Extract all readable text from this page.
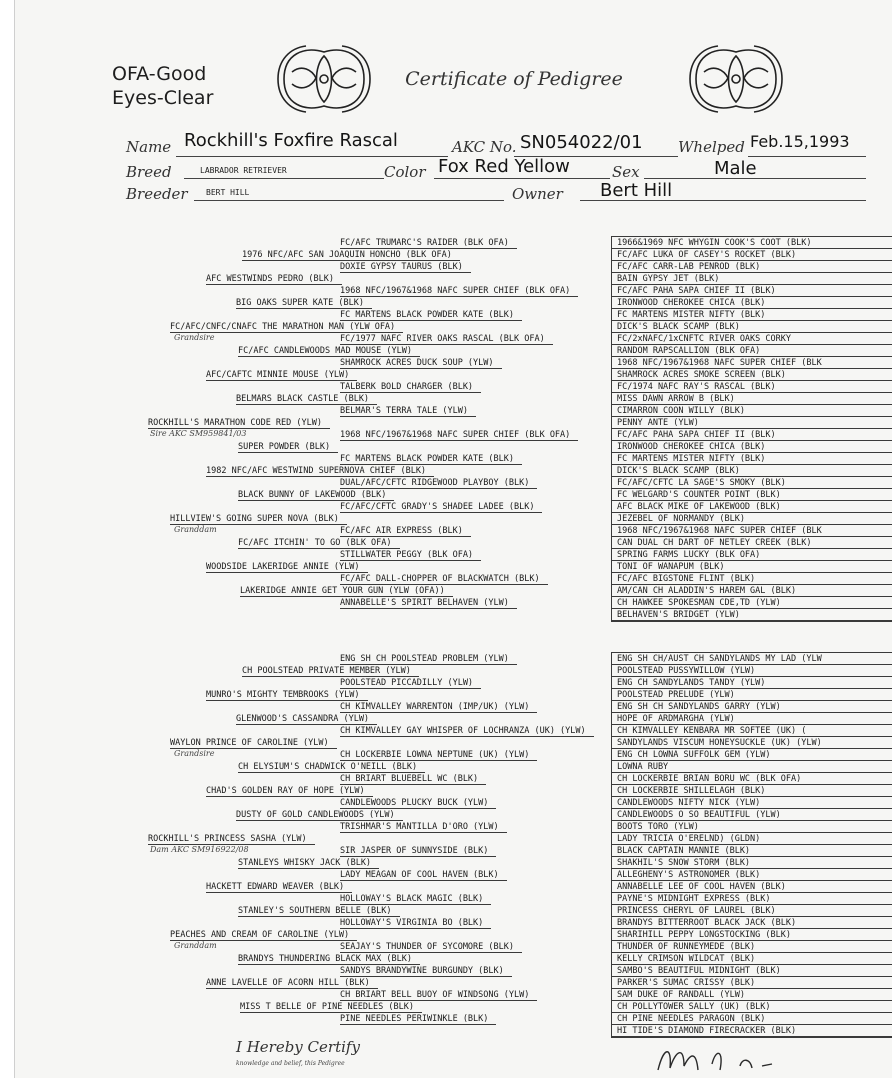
OFA-Good
Eyes-Clear
Certificate of Pedigree
Name Rockhill's Foxfire Rascal	AKC No. SN054022/01 Whelped Feb.15,1993
Breed	LABRADOR RETRIEVER	Color Fox Red Yellow	Sex	Male
Breeder BERT HILL	Owner Bert Hill
FC/AFC TRUMARC'S RAIDER (BLK OFA)
DOXIE GYPSY TAURUS (BLK)
1968 NFC/1967&1968 NAFC SUPER CHIEF (BLK OFA)
FC MARTENS BLACK POWDER KATE (BLK)
FC/1977 NAFC RIVER OAKS RASCAL (BLK OFA)
SHAMROCK ACRES DUCK SOUP (YLW)
TALBERK BOLD CHARGER (BLK)
BELMAR'S TERRA TALE (YLW)
1968 NFC/1967&1968 NAFC SUPER CHIEF (BLK OFA)
FC MARTENS BLACK POWDER KATE (BLK)
DUAL/AFC/CFTC RIDGEWOOD PLAYBOY (BLK)
FC/AFC/CFTC GRADY'S SHADEE LADEE (BLK)
FC/AFC AIR EXPRESS (BLK)
STILLWATER PEGGY (BLK OFA)
FC/AFC DALL-CHOPPER OF BLACKWATCH (BLK)
ANNABELLE'S SPIRIT BELHAVEN (YLW)
1976 NFC/AFC SAN JOAQUIN HONCHO (BLK OFA)
BIG OAKS SUPER KATE (BLK)
FC/AFC CANDLEWOODS MAD MOUSE (YLW)
BELMARS BLACK CASTLE (BLK)
SUPER POWDER (BLK)
BLACK BUNNY OF LAKEWOOD (BLK)
FC/AFC ITCHIN' TO GO (BLK OFA)
LAKERIDGE ANNIE GET YOUR GUN (YLW (OFA))
AFC WESTWINDS PEDRO (BLK)
AFC/CAFTC MINNIE MOUSE (YLW)
1982 NFC/AFC WESTWIND SUPERNOVA CHIEF (BLK)
WOODSIDE LAKERIDGE ANNIE (YLW)
FC/AFC/CNFC/CNAFC THE MARATHON MAN (YLW OFA)
Grandsire
HILLVIEW'S GOING SUPER NOVA (BLK)
Granddam
ROCKHILL'S MARATHON CODE RED (YLW)
Sire AKC SM959841/03
1966&1969 NFC WHYGIN COOK'S COOT (BLK)
FC/AFC LUKA OF CASEY'S ROCKET (BLK)
FC/AFC CARR-LAB PENROD (BLK)
BAIN GYPSY JET (BLK)
FC/AFC PAHA SAPA CHIEF II (BLK)
IRONWOOD CHEROKEE CHICA (BLK)
FC MARTENS MISTER NIFTY (BLK)
DICK'S BLACK SCAMP (BLK)
FC/2xNAFC/1xCNFTC RIVER OAKS CORKY
RANDOM RAPSCALLION (BLK OFA)
1968 NFC/1967&1968 NAFC SUPER CHIEF (BLK
SHAMROCK ACRES SMOKE SCREEN (BLK)
FC/1974 NAFC RAY'S RASCAL (BLK)
MISS DAWN ARROW B (BLK)
CIMARRON COON WILLY (BLK)
PENNY ANTE (YLW)
FC/AFC PAHA SAPA CHIEF II (BLK)
IRONWOOD CHEROKEE CHICA (BLK)
FC MARTENS MISTER NIFTY (BLK)
DICK'S BLACK SCAMP (BLK)
FC/AFC/CFTC LA SAGE'S SMOKY (BLK)
FC WELGARD'S COUNTER POINT (BLK)
AFC BLACK MIKE OF LAKEWOOD (BLK)
JEZEBEL OF NORMANDY (BLK)
1968 NFC/1967&1968 NAFC SUPER CHIEF (BLK
CAN DUAL CH DART OF NETLEY CREEK (BLK)
SPRING FARMS LUCKY (BLK OFA)
TONI OF WANAPUM (BLK)
FC/AFC BIGSTONE FLINT (BLK)
AM/CAN CH ALADDIN'S HAREM GAL (BLK)
CH HAWKEE SPOKESMAN CDE,TD (YLW)
BELHAVEN'S BRIDGET (YLW)
ENG SH CH POOLSTEAD PROBLEM (YLW)
POOLSTEAD PICCADILLY (YLW)
CH KIMVALLEY WARRENTON (IMP/UK) (YLW)
CH KIMVALLEY GAY WHISPER OF LOCHRANZA (UK) (YLW)
CH LOCKERBIE LOWNA NEPTUNE (UK) (YLW)
CH BRIART BLUEBELL WC (BLK)
CANDLEWOODS PLUCKY BUCK (YLW)
TRISHMAR'S MANTILLA D'ORO (YLW)
SIR JASPER OF SUNNYSIDE (BLK)
LADY MEAGAN OF COOL HAVEN (BLK)
HOLLOWAY'S BLACK MAGIC (BLK)
HOLLOWAY'S VIRGINIA BO (BLK)
SEAJAY'S THUNDER OF SYCOMORE (BLK)
SANDYS BRANDYWINE BURGUNDY (BLK)
CH BRIART BELL BUOY OF WINDSONG (YLW)
PINE NEEDLES PERIWINKLE (BLK)
CH POOLSTEAD PRIVATE MEMBER (YLW)
GLENWOOD'S CASSANDRA (YLW)
CH ELYSIUM'S CHADWICK O'NEILL (BLK)
DUSTY OF GOLD CANDLEWOODS (YLW)
STANLEYS WHISKY JACK (BLK)
STANLEY'S SOUTHERN BELLE (BLK)
BRANDYS THUNDERING BLACK MAX (BLK)
MISS T BELLE OF PINE NEEDLES (BLK)
MUNRO'S MIGHTY TEMBROOKS (YLW)
CHAD'S GOLDEN RAY OF HOPE (YLW)
HACKETT EDWARD WEAVER (BLK)
ANNE LAVELLE OF ACORN HILL (BLK)
WAYLON PRINCE OF CAROLINE (YLW)
Grandsire
PEACHES AND CREAM OF CAROLINE (YLW)
Granddam
ROCKHILL'S PRINCESS SASHA (YLW)
Dam AKC SM916922/08
ENG SH CH/AUST CH SANDYLANDS MY LAD (YLW
POOLSTEAD PUSSYWILLOW (YLW)
ENG CH SANDYLANDS TANDY (YLW)
POOLSTEAD PRELUDE (YLW)
ENG SH CH SANDYLANDS GARRY (YLW)
HOPE OF ARDMARGHA (YLW)
CH KIMVALLEY KENBARA MR SOFTEE (UK) (
SANDYLANDS VISCUM HONEYSUCKLE (UK) (YLW)
ENG CH LOWNA SUFFOLK GEM (YLW)
LOWNA RUBY
CH LOCKERBIE BRIAN BORU WC (BLK OFA)
CH LOCKERBIE SHILLELAGH (BLK)
CANDLEWOODS NIFTY NICK (YLW)
CANDLEWOODS O SO BEAUTIFUL (YLW)
BOOTS TORO (YLW)
LADY TRICIA O'ERELND) (GLDN)
BLACK CAPTAIN MANNIE (BLK)
SHAKHIL'S SNOW STORM (BLK)
ALLEGHENY'S ASTRONOMER (BLK)
ANNABELLE LEE OF COOL HAVEN (BLK)
PAYNE'S MIDNIGHT EXPRESS (BLK)
PRINCESS CHERYL OF LAUREL (BLK)
BRANDYS BITTERROOT BLACK JACK (BLK)
SHARIHILL PEPPY LONGSTOCKING (BLK)
THUNDER OF RUNNEYMEDE (BLK)
KELLY CRIMSON WILDCAT (BLK)
SAMBO'S BEAUTIFUL MIDNIGHT (BLK)
PARKER'S SUMAC CRISSY (BLK)
SAM DUKE OF RANDALL (YLW)
CH POLLYTOWER SALLY (UK) (BLK)
CH PINE NEEDLES PARAGON (BLK)
HI TIDE'S DIAMOND FIRECRACKER (BLK)
I Hereby Certify
knowledge and belief, this Pedigree
